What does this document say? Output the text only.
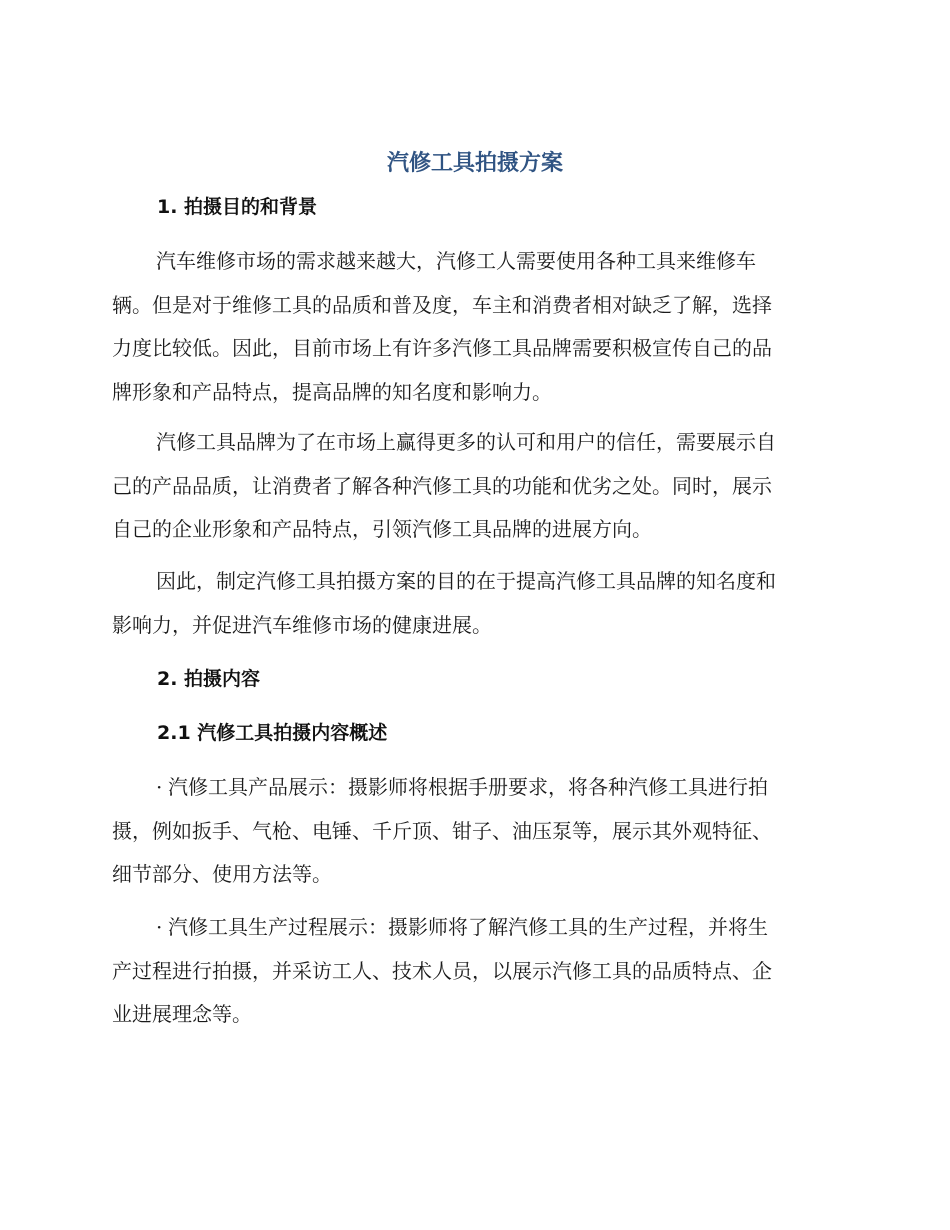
汽修工具拍摄方案
1. 拍摄目的和背景
汽车维修市场的需求越来越大，汽修工人需要使用各种工具来维修车
辆。但是对于维修工具的品质和普及度，车主和消费者相对缺乏了解，选择
力度比较低。因此，目前市场上有许多汽修工具品牌需要积极宣传自己的品
牌形象和产品特点，提高品牌的知名度和影响力。
汽修工具品牌为了在市场上赢得更多的认可和用户的信任，需要展示自
己的产品品质，让消费者了解各种汽修工具的功能和优劣之处。同时，展示
自己的企业形象和产品特点，引领汽修工具品牌的进展方向。
因此，制定汽修工具拍摄方案的目的在于提高汽修工具品牌的知名度和
影响力，并促进汽车维修市场的健康进展。
2. 拍摄内容
2.1 汽修工具拍摄内容概述
· 汽修工具产品展示：摄影师将根据手册要求，将各种汽修工具进行拍
摄，例如扳手、气枪、电锤、千斤顶、钳子、油压泵等，展示其外观特征、
细节部分、使用方法等。
· 汽修工具生产过程展示：摄影师将了解汽修工具的生产过程，并将生
产过程进行拍摄，并采访工人、技术人员，以展示汽修工具的品质特点、企
业进展理念等。
